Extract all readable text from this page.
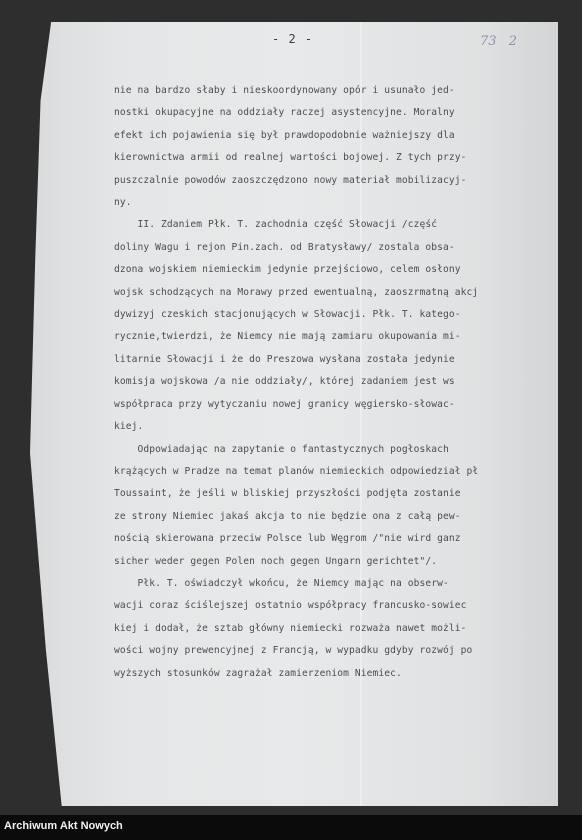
- 2 -	73 2
nie na bardzo słaby i nieskoordynowany opór i usunało jed-
nostki okupacyjne na oddziały raczej asystencyjne. Moralny
efekt ich pojawienia się był prawdopodobnie ważniejszy dla
kierownictwa armii od realnej wartości bojowej. Z tych przy-
puszczalnie powodów zaoszczędzono nowy materiał mobilizacyj-
ny.
II. Zdaniem Płk. T. zachodnia część Słowacji /część
doliny Wagu i rejon Pin.zach. od Bratysławy/ zostala obsa-
dzona wojskiem niemieckim jedynie przejściowo, celem osłony
wojsk schodzących na Morawy przed ewentualną, zaoszrmatną akcj
dywizyj czeskich stacjonujących w Słowacji. Płk. T. katego-
rycznie,twierdzi, że Niemcy nie mają zamiaru okupowania mi-
litarnie Słowacji i że do Preszowa wysłana została jedynie
komisja wojskowa /a nie oddziały/, której zadaniem jest ws
współpraca przy wytyczaniu nowej granicy węgiersko-słowac-
kiej.
Odpowiadając na zapytanie o fantastycznych pogłoskach
krążących w Pradze na temat planów niemieckich odpowiedział pł
Toussaint, że jeśli w bliskiej przyszłości podjęta zostanie
ze strony Niemiec jakaś akcja to nie będzie ona z całą pew-
nością skierowana przeciw Polsce lub Węgrom /"nie wird ganz
sicher weder gegen Polen noch gegen Ungarn gerichtet"/.
Płk. T. oświadczył wkońcu, że Niemcy mając na obserw-
wacji coraz ściślejszej ostatnio współpracy francusko-sowiec
kiej i dodał, że sztab główny niemiecki rozważa nawet możli-
wości wojny prewencyjnej z Francją, w wypadku gdyby rozwój po
wyższych stosunków zagrażał zamierzeniom Niemiec.
Archiwum Akt Nowych
